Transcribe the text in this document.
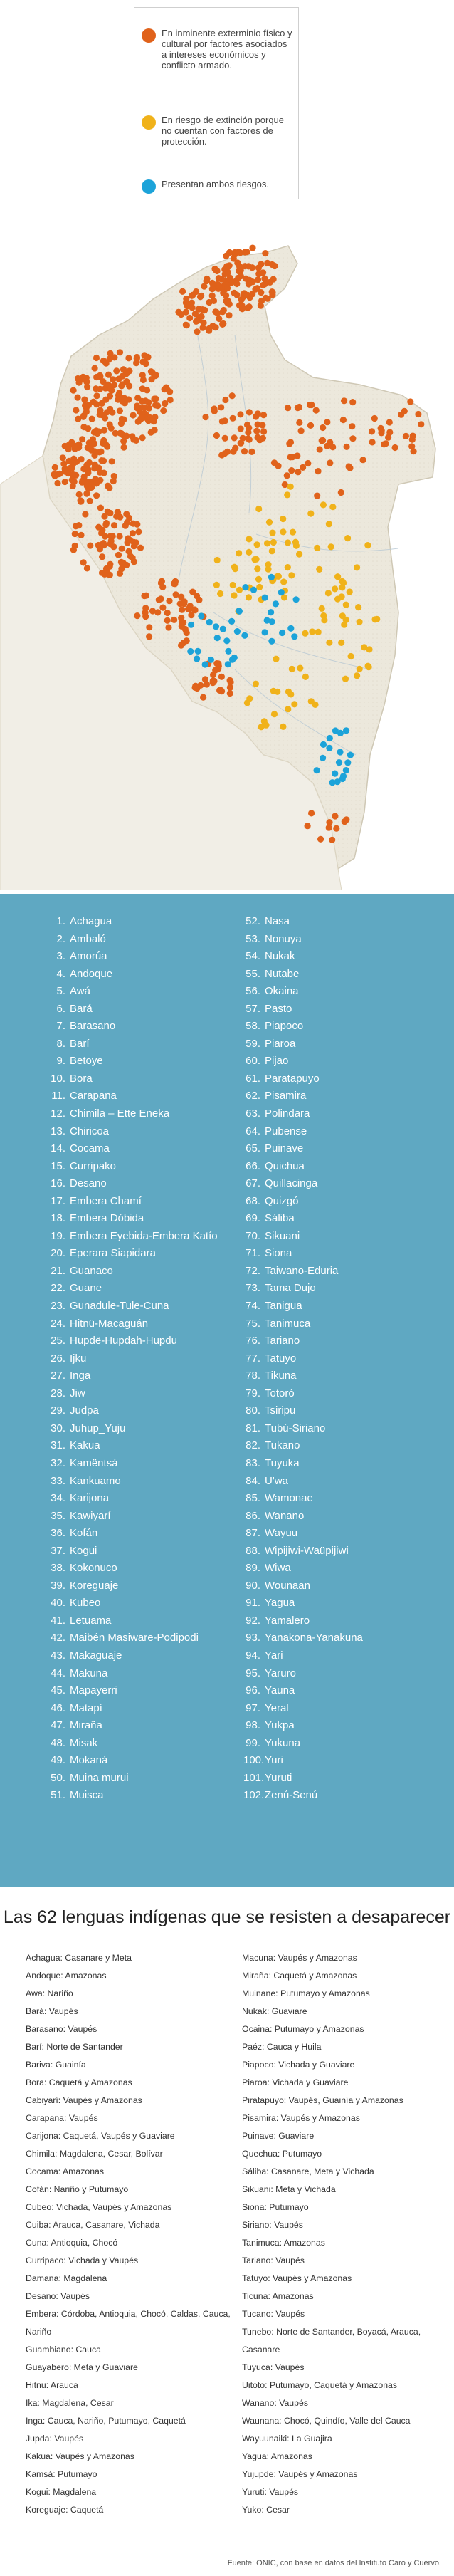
En inminente exterminio físico y cultural por factores asociados a intereses económicos y conflicto armado.
En riesgo de extinción porque no cuentan con factores de protección.
Presentan ambos riesgos.
1. Achagua
2. Ambaló
3. Amorúa
4. Andoque
5. Awá
6. Bará
7. Barasano
8. Barí
9. Betoye
10. Bora
11. Carapana
12. Chimila – Ette Eneka
13. Chiricoa
14. Cocama
15. Curripako
16. Desano
17. Embera Chamí
18. Embera Dóbida
19. Embera Eyebida-Embera Katío
20. Eperara Siapidara
21. Guanaco
22. Guane
23. Gunadule-Tule-Cuna
24. Hitnü-Macaguán
25. Hupdë-Hupdah-Hupdu
26. Ijku
27. Inga
28. Jiw
29. Judpa
30. Juhup_Yuju
31. Kakua
32. Kamëntsá
33. Kankuamo
34. Karijona
35. Kawiyarí
36. Kofán
37. Kogui
38. Kokonuco
39. Koreguaje
40. Kubeo
41. Letuama
42. Maibén Masiware-Podipodi
43. Makaguaje
44. Makuna
45. Mapayerri
46. Matapí
47. Miraña
48. Misak
49. Mokaná
50. Muina murui
51. Muisca
52. Nasa
53. Nonuya
54. Nukak
55. Nutabe
56. Okaina
57. Pasto
58. Piapoco
59. Piaroa
60. Pijao
61. Paratapuyo
62. Pisamira
63. Polindara
64. Pubense
65. Puinave
66. Quichua
67. Quillacinga
68. Quizgó
69. Sáliba
70. Sikuani
71. Siona
72. Taiwano-Eduria
73. Tama Dujo
74. Tanigua
75. Tanimuca
76. Tariano
77. Tatuyo
78. Tikuna
79. Totoró
80. Tsiripu
81. Tubú-Siriano
82. Tukano
83. Tuyuka
84. U'wa
85. Wamonae
86. Wanano
87. Wayuu
88. Wipijiwi-Waüpijiwi
89. Wiwa
90. Wounaan
91. Yagua
92. Yamalero
93. Yanakona-Yanakuna
94. Yari
95. Yaruro
96. Yauna
97. Yeral
98. Yukpa
99. Yukuna
100. Yuri
101. Yuruti
102. Zenú-Senú
Las 62 lenguas indígenas que se resisten a desaparecer
Achagua: Casanare y Meta
Andoque: Amazonas
Awa: Nariño
Bará: Vaupés
Barasano: Vaupés
Barí: Norte de Santander
Bariva: Guainía
Bora: Caquetá y Amazonas
Cabiyarí: Vaupés y Amazonas
Carapana: Vaupés
Carijona: Caquetá, Vaupés y Guaviare
Chimila: Magdalena, Cesar, Bolívar
Cocama: Amazonas
Cofán: Nariño y Putumayo
Cubeo: Vichada, Vaupés y Amazonas
Cuiba: Arauca, Casanare, Vichada
Cuna: Antioquia, Chocó
Curripaco: Vichada y Vaupés
Damana: Magdalena
Desano: Vaupés
Embera: Córdoba, Antioquia, Chocó, Caldas, Cauca, Nariño
Guambiano: Cauca
Guayabero: Meta y Guaviare
Hitnu: Arauca
Ika: Magdalena, Cesar
Inga: Cauca, Nariño, Putumayo, Caquetá
Jupda: Vaupés
Kakua: Vaupés y Amazonas
Kamsá: Putumayo
Kogui: Magdalena
Koreguaje: Caquetá
Macuna: Vaupés y Amazonas
Miraña: Caquetá y Amazonas
Muinane: Putumayo y Amazonas
Nukak: Guaviare
Ocaina: Putumayo y Amazonas
Paéz: Cauca y Huila
Piapoco: Vichada y Guaviare
Piaroa: Vichada y Guaviare
Piratapuyo: Vaupés, Guainía y Amazonas
Pisamira: Vaupés y Amazonas
Puinave: Guaviare
Quechua: Putumayo
Sáliba: Casanare, Meta y Vichada
Sikuani: Meta y Vichada
Siona: Putumayo
Siriano: Vaupés
Tanimuca: Amazonas
Tariano: Vaupés
Tatuyo: Vaupés y Amazonas
Ticuna: Amazonas
Tucano: Vaupés
Tunebo: Norte de Santander, Boyacá, Arauca, Casanare
Tuyuca: Vaupés
Uitoto: Putumayo, Caquetá y Amazonas
Wanano: Vaupés
Waunana: Chocó, Quindío, Valle del Cauca
Wayuunaiki: La Guajira
Yagua: Amazonas
Yujupde: Vaupés y Amazonas
Yuruti: Vaupés
Yuko: Cesar
Fuente: ONIC, con base en datos del Instituto Caro y Cuervo.
